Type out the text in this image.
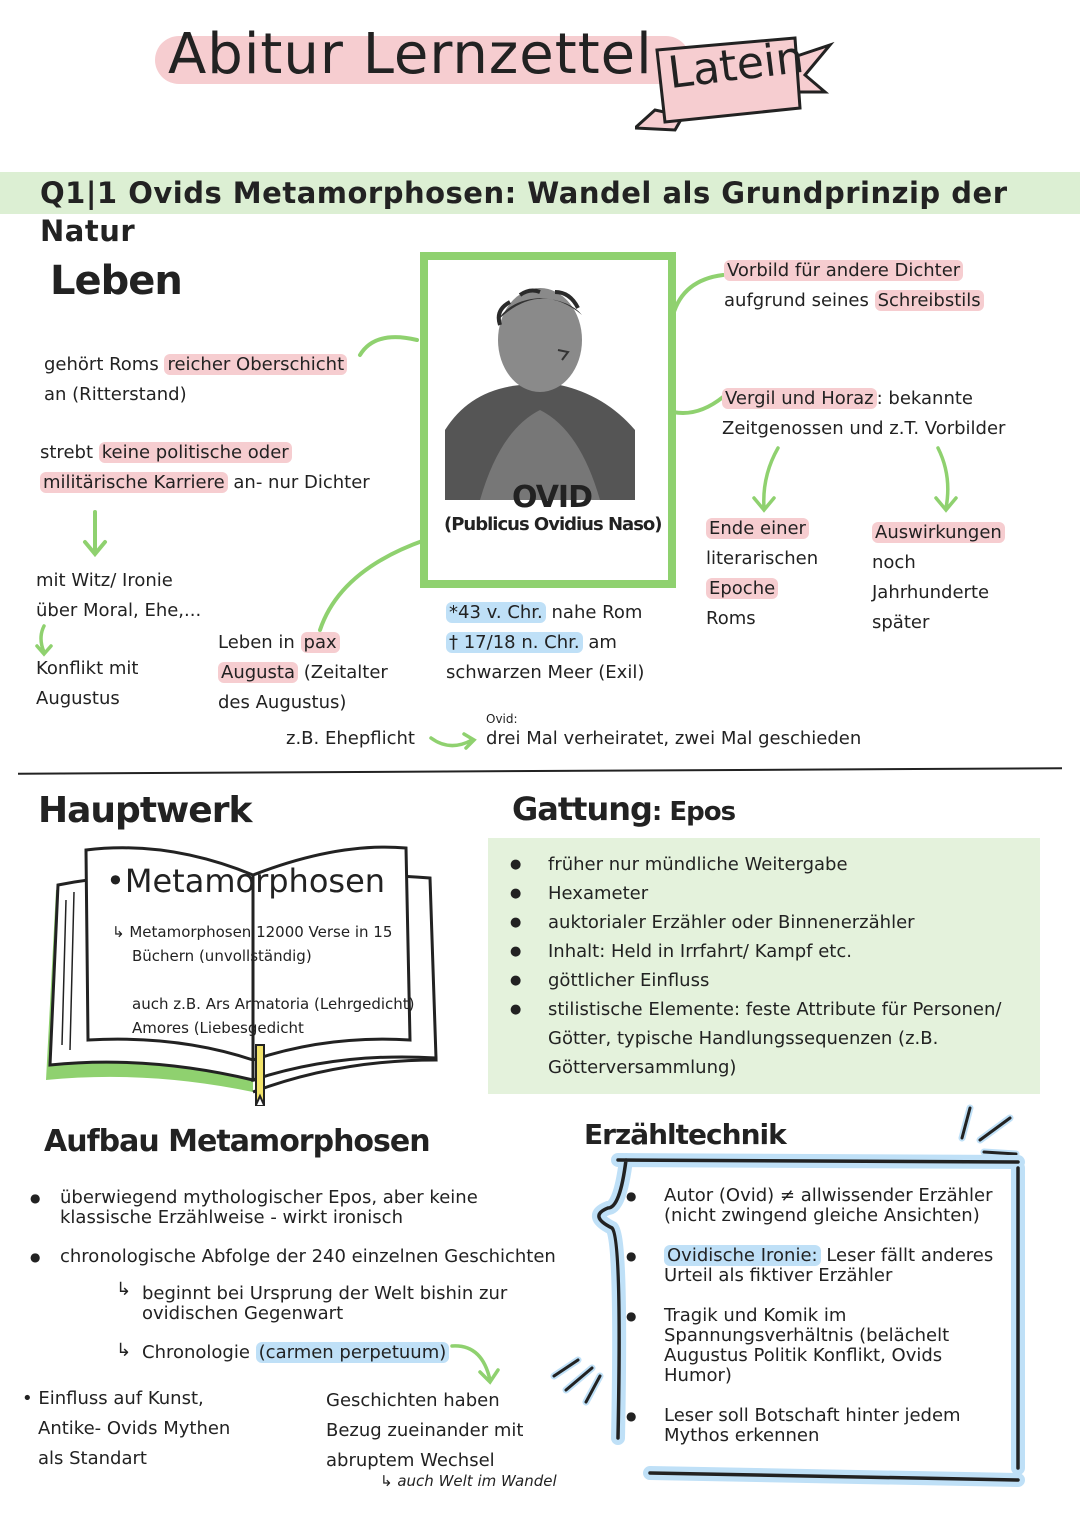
Abitur Lernzettel Latein
Q1|1 Ovids Metamorphosen: Wandel als Grundprinzip der Natur
Leben
gehört Roms reicher Oberschicht
an (Ritterstand)
strebt keine politische oder
militärische Karriere an- nur Dichter
mit Witz/ Ironie
über Moral, Ehe,...
Konflikt mit
Augustus
Leben in pax
Augusta (Zeitalter
des Augustus)
z.B. Ehepflicht
Ovid:
drei Mal verheiratet, zwei Mal geschieden
OVID
(Publicus Ovidius Naso)
*43 v. Chr. nahe Rom
† 17/18 n. Chr. am
schwarzen Meer (Exil)
Vorbild für andere Dichter
aufgrund seines Schreibstils
Vergil und Horaz : bekannte
Zeitgenossen und z.T. Vorbilder
Ende einer
literarischen
Epoche
Roms
Auswirkungen
noch
Jahrhunderte
später
Hauptwerk
•Metamorphosen
↳ Metamorphosen 12000 Verse in 15
Büchern (unvollständig)
auch z.B. Ars Armatoria (Lehrgedicht)
Amores (Liebesgedicht
Gattung: Epos
● früher nur mündliche Weitergabe
● Hexameter
● auktorialer Erzähler oder Binnenerzähler
● Inhalt: Held in Irrfahrt/ Kampf etc.
● göttlicher Einfluss
● stilistische Elemente: feste Attribute für Personen/ Götter, typische Handlungssequenzen (z.B. Götterversammlung)
Aufbau Metamorphosen
● überwiegend mythologischer Epos, aber keine
klassische Erzählweise - wirkt ironisch
● chronologische Abfolge der 240 einzelnen Geschichten
↳ beginnt bei Ursprung der Welt bishin zur
ovidischen Gegenwart
↳ Chronologie (carmen perpetuum)
• Einfluss auf Kunst,
Antike- Ovids Mythen
als Standart
Geschichten haben
Bezug zueinander mit
abruptem Wechsel
↳ auch Welt im Wandel
Erzähltechnik
● Autor (Ovid) ≠ allwissender Erzähler
(nicht zwingend gleiche Ansichten)
● Ovidische Ironie: Leser fällt anderes
Urteil als fiktiver Erzähler
● Tragik und Komik im
Spannungsverhältnis (belächelt
Augustus Politik Konflikt, Ovids
Humor)
● Leser soll Botschaft hinter jedem
Mythos erkennen
